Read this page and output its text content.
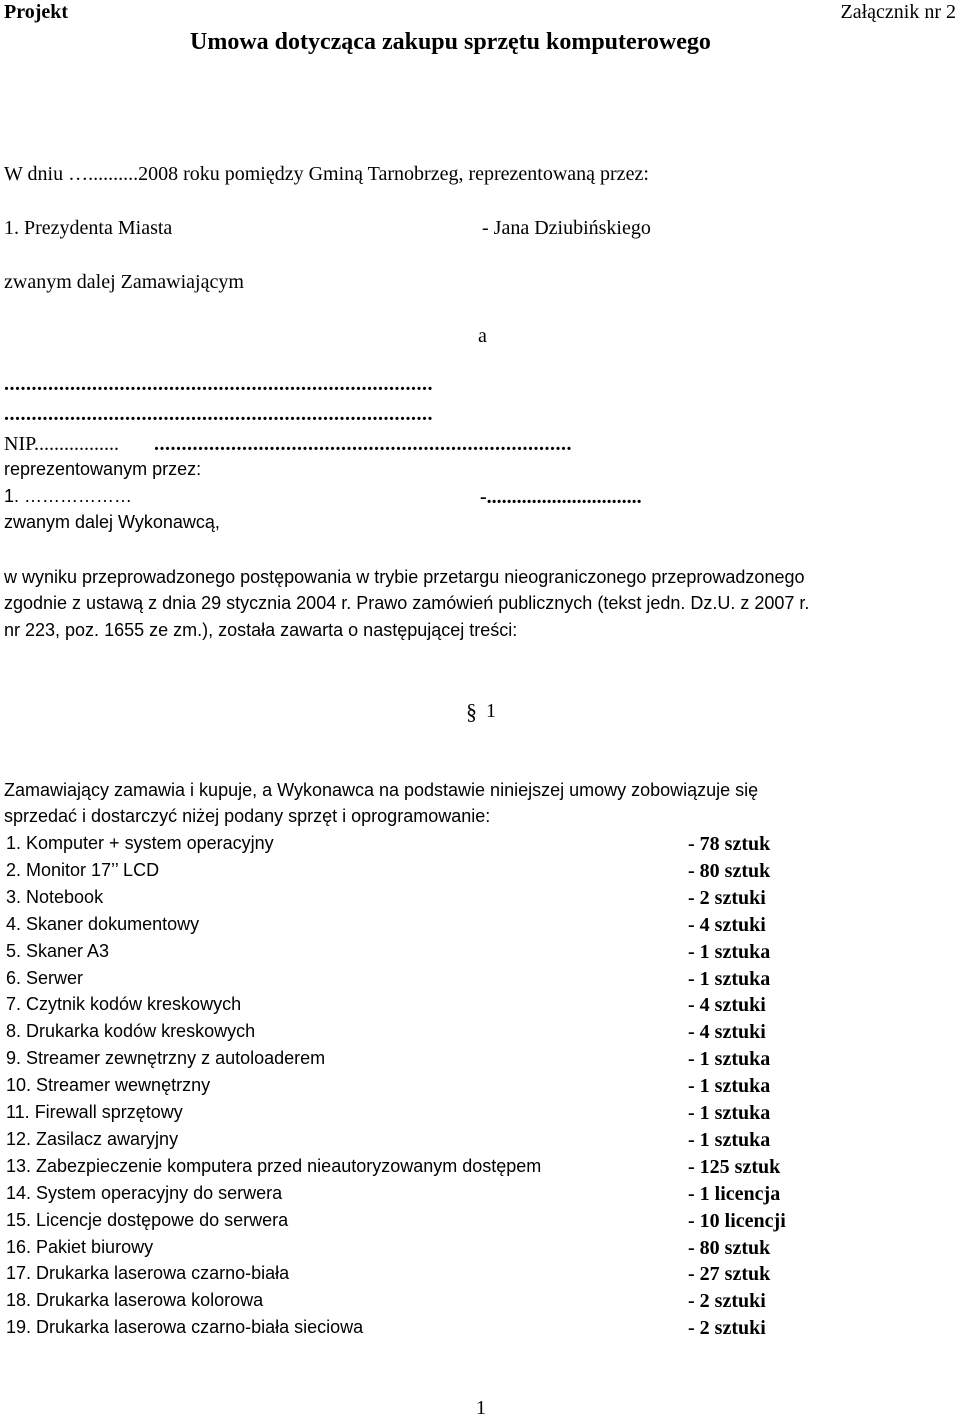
Projekt	Załącznik nr 2
Umowa dotycząca zakupu sprzętu komputerowego
W dniu …..........2008 roku pomiędzy Gminą Tarnobrzeg, reprezentowaną przez:
1. Prezydenta Miasta	- Jana Dziubińskiego
zwanym dalej Zamawiającym
a
..............................................................................
..............................................................................
NIP................. ............................................................................
reprezentowanym przez:
1. ………………	-...............................
zwanym dalej Wykonawcą,
w wyniku przeprowadzonego postępowania w trybie przetargu nieograniczonego przeprowadzonego
zgodnie z ustawą z dnia 29 stycznia 2004 r. Prawo zamówień publicznych (tekst jedn. Dz.U. z 2007 r.
nr 223, poz. 1655 ze zm.), została zawarta o następującej treści:
§ 1
Zamawiający zamawia i kupuje, a Wykonawca na podstawie niniejszej umowy zobowiązuje się
sprzedać i dostarczyć niżej podany sprzęt i oprogramowanie:
1. Komputer + system operacyjny	- 78 sztuk
2. Monitor 17’’ LCD	- 80 sztuk
3. Notebook	- 2 sztuki
4. Skaner dokumentowy	- 4 sztuki
5. Skaner A3	- 1 sztuka
6. Serwer	- 1 sztuka
7. Czytnik kodów kreskowych	- 4 sztuki
8. Drukarka kodów kreskowych	- 4 sztuki
9. Streamer zewnętrzny z autoloaderem	- 1 sztuka
10. Streamer wewnętrzny	- 1 sztuka
11. Firewall sprzętowy	- 1 sztuka
12. Zasilacz awaryjny	- 1 sztuka
13. Zabezpieczenie komputera przed nieautoryzowanym dostępem	- 125 sztuk
14. System operacyjny do serwera	- 1 licencja
15. Licencje dostępowe do serwera	- 10 licencji
16. Pakiet biurowy	- 80 sztuk
17. Drukarka laserowa czarno-biała	- 27 sztuk
18. Drukarka laserowa kolorowa	- 2 sztuki
19. Drukarka laserowa czarno-biała sieciowa	- 2 sztuki
1
